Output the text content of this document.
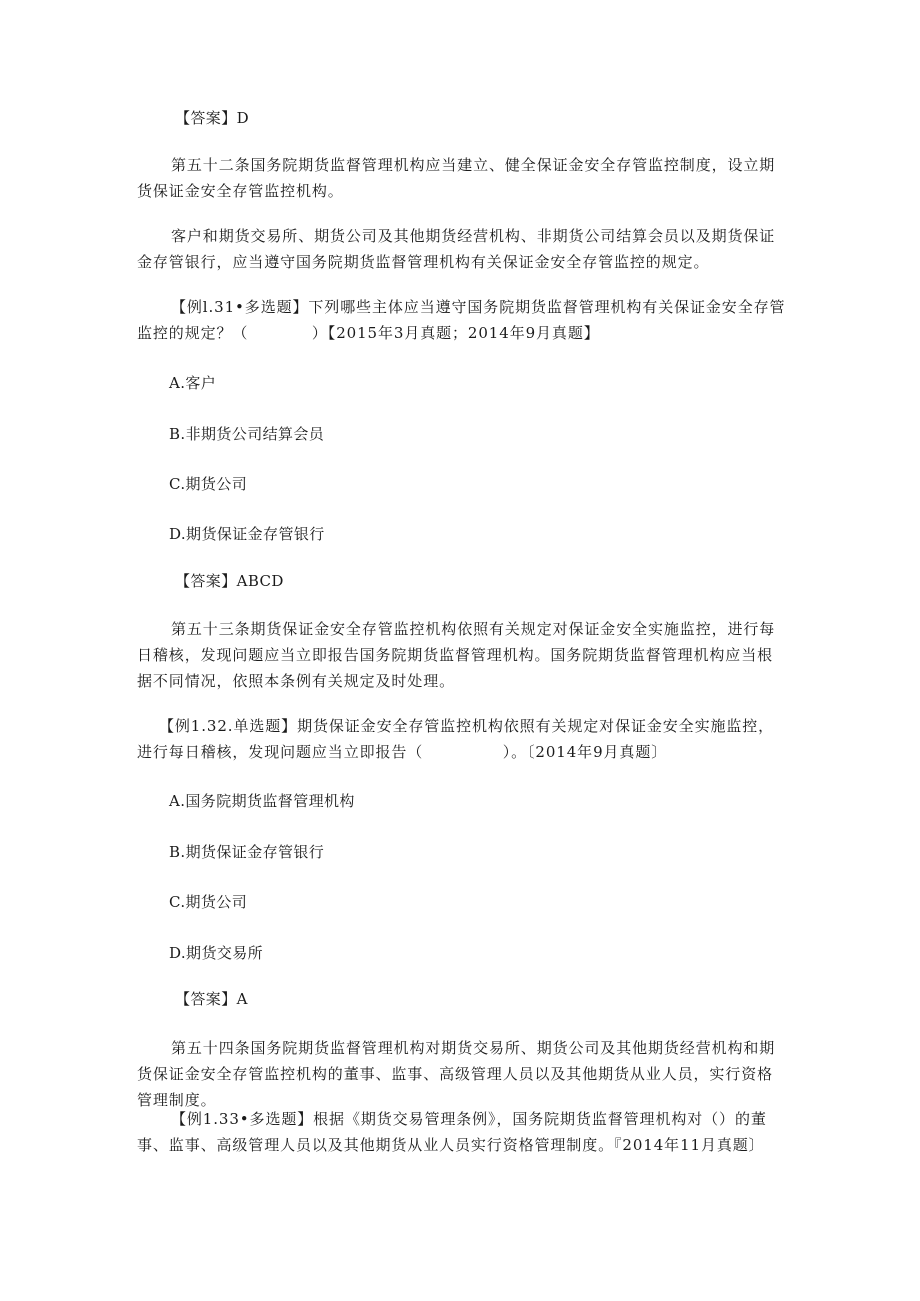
【答案】D
第五十二条国务院期货监督管理机构应当建立、健全保证金安全存管监控制度，设立期货保证金安全存管监控机构。
客户和期货交易所、期货公司及其他期货经营机构、非期货公司结算会员以及期货保证金存管银行，应当遵守国务院期货监督管理机构有关保证金安全存管监控的规定。
【例l.31•多选题】下列哪些主体应当遵守国务院期货监督管理机构有关保证金安全存管监控的规定？（　　　　）【2015年3月真题；2014年9月真题】
A.客户
B.非期货公司结算会员
C.期货公司
D.期货保证金存管银行
【答案】ABCD
第五十三条期货保证金安全存管监控机构依照有关规定对保证金安全实施监控，进行每日稽核，发现问题应当立即报告国务院期货监督管理机构。国务院期货监督管理机构应当根据不同情况，依照本条例有关规定及时处理。
【例1.32.单选题】期货保证金安全存管监控机构依照有关规定对保证金安全实施监控，进行每日稽核，发现问题应当立即报告（　　　　　）。〔2014年9月真题〕
A.国务院期货监督管理机构
B.期货保证金存管银行
C.期货公司
D.期货交易所
【答案】A
第五十四条国务院期货监督管理机构对期货交易所、期货公司及其他期货经营机构和期货保证金安全存管监控机构的董事、监事、高级管理人员以及其他期货从业人员，实行资格管理制度。
【例1.33•多选题】根据《期货交易管理条例》，国务院期货监督管理机构对（）的董事、监事、高级管理人员以及其他期货从业人员实行资格管理制度。『2014年11月真题〕
